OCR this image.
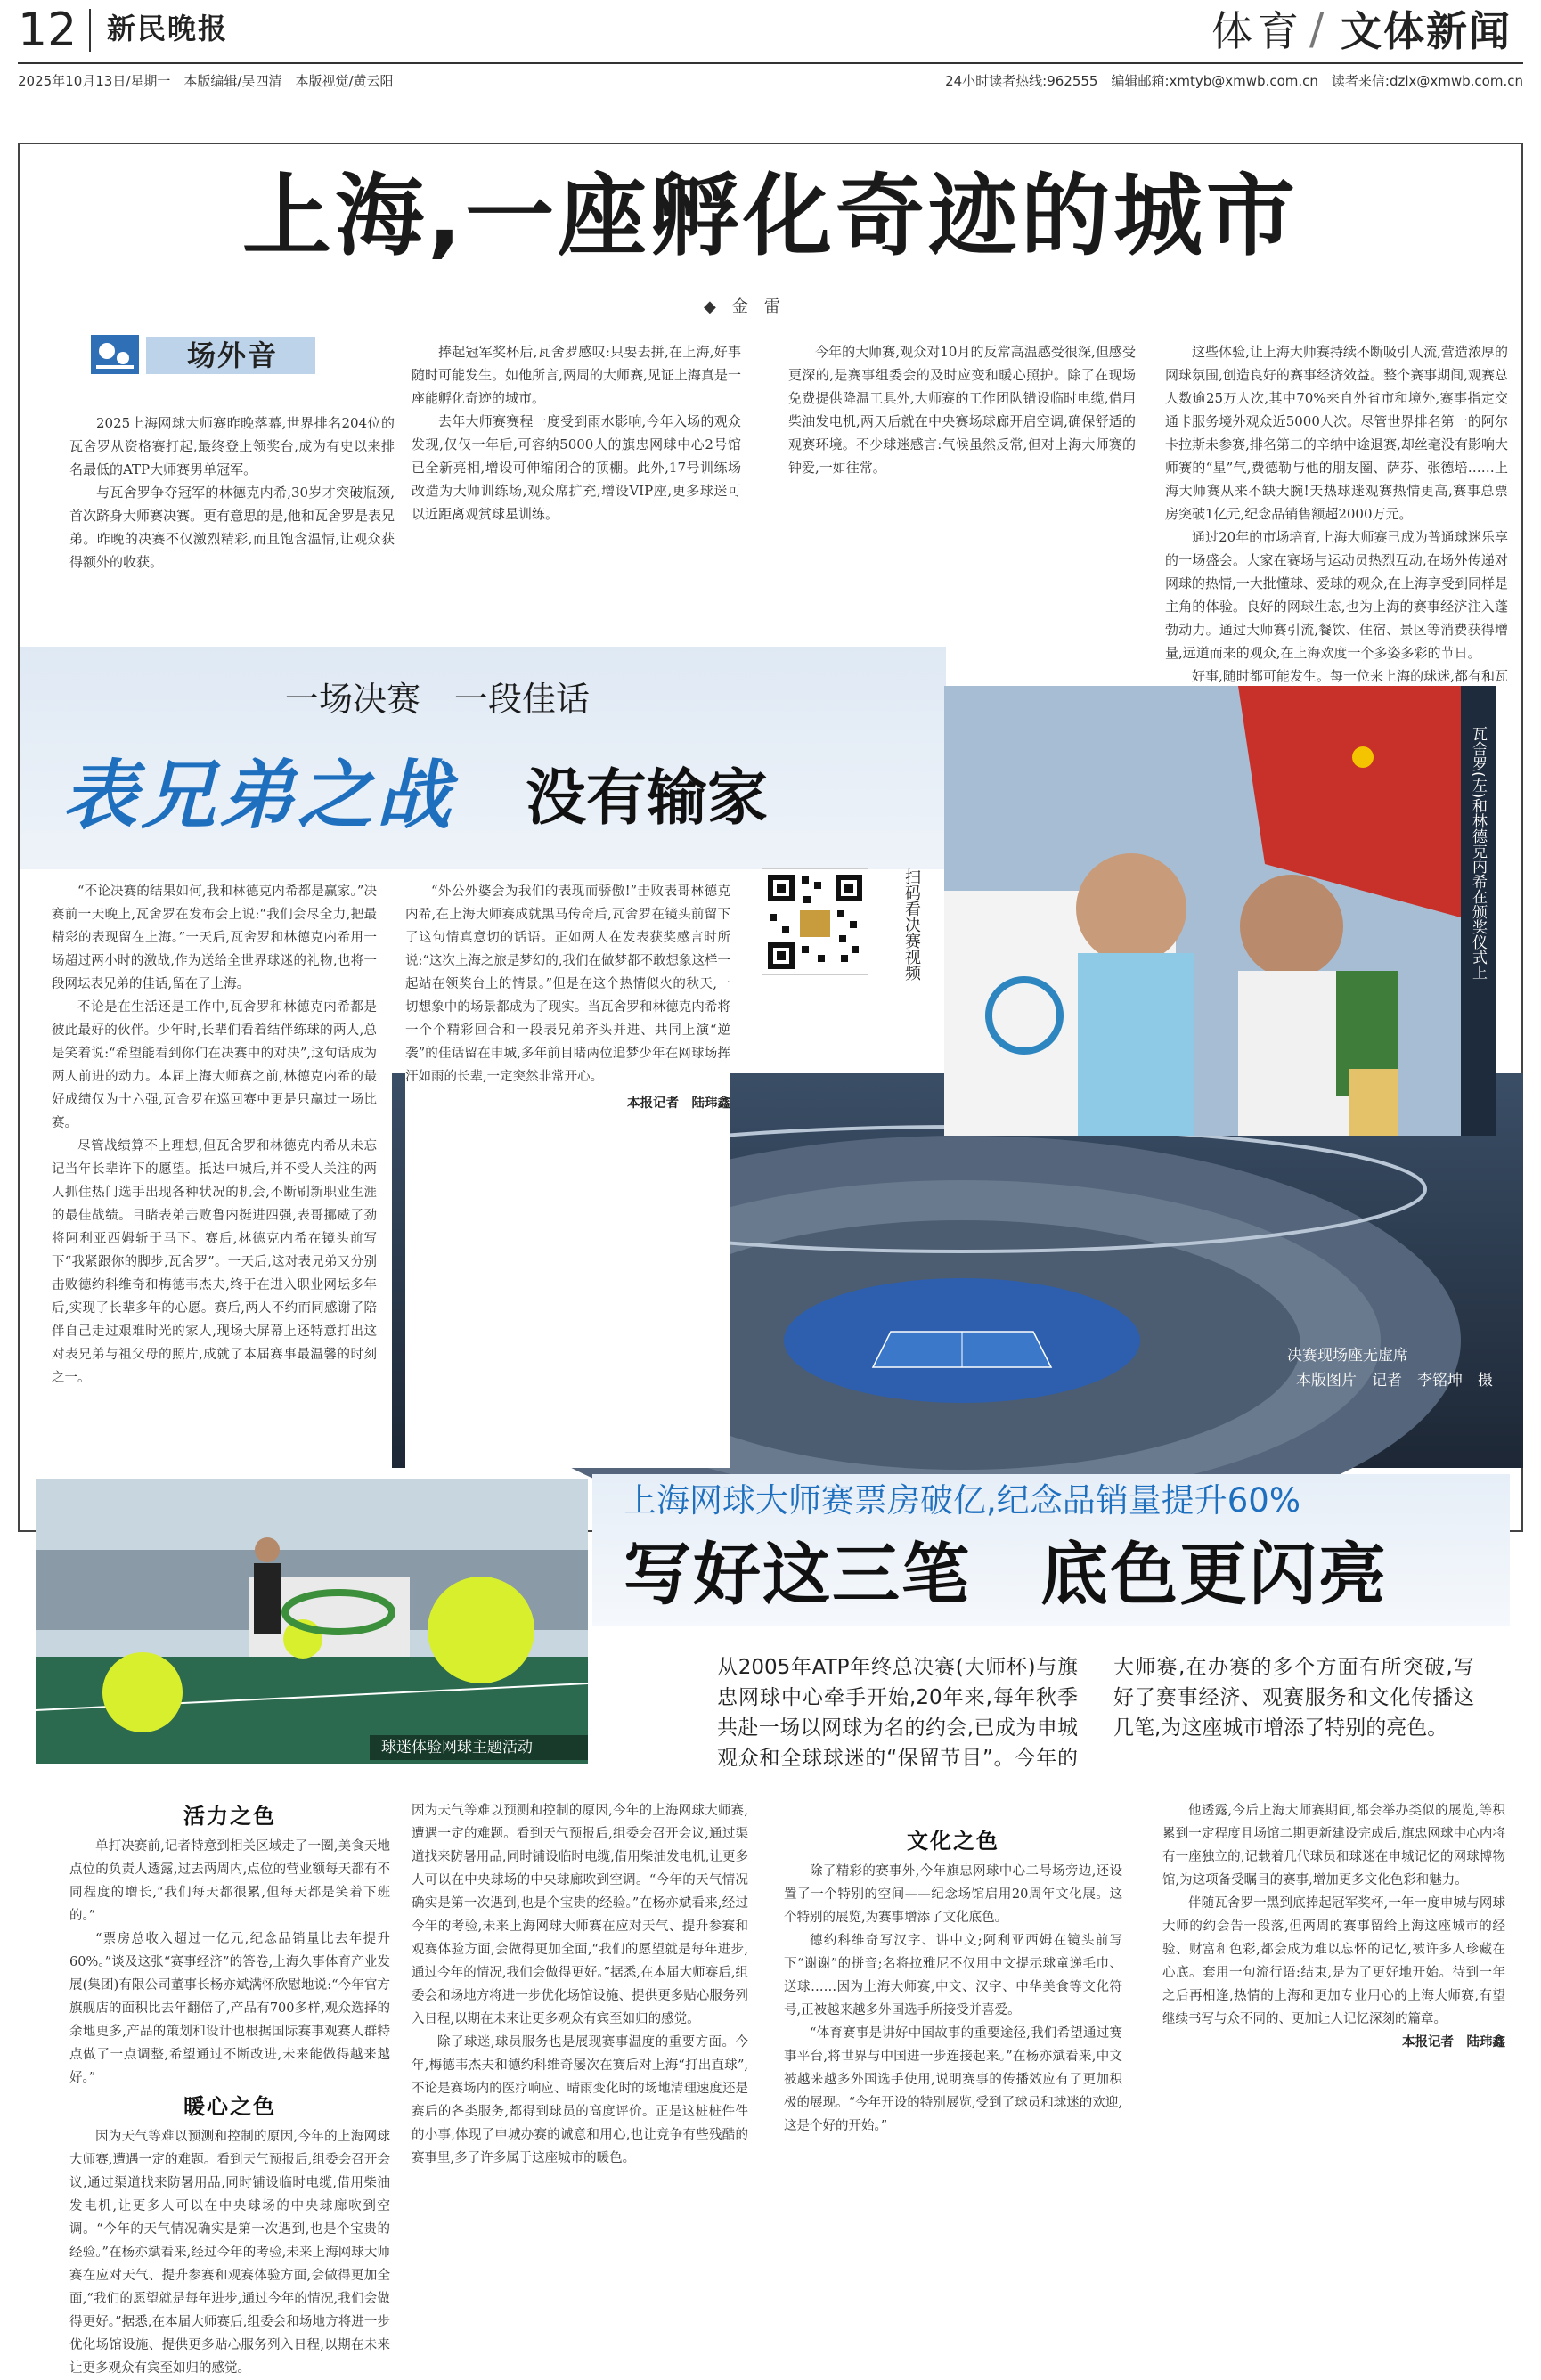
12 新民晚报	体育 / 文体新闻
2025年10月13日/星期一　本版编辑/吴四清　本版视觉/黄云阳	24小时读者热线:962555　编辑邮箱:xmtyb@xmwb.com.cn　读者来信:dzlx@xmwb.com.cn
上海,一座孵化奇迹的城市
◆　金　雷
场外音

2025上海网球大师赛昨晚落幕,世界排名204位的瓦舍罗从资格赛打起,最终登上领奖台,成为有史以来排名最低的ATP大师赛男单冠军。

与瓦舍罗争夺冠军的林德克内希,30岁才突破瓶颈,首次跻身大师赛决赛。更有意思的是,他和瓦舍罗是表兄弟。昨晚的决赛不仅激烈精彩,而且饱含温情,让观众获得额外的收获。

捧起冠军奖杯后,瓦舍罗感叹:只要去拼,在上海,好事随时可能发生。如他所言,两周的大师赛,见证上海真是一座能孵化奇迹的城市。

去年大师赛赛程一度受到雨水影响,今年入场的观众发现,仅仅一年后,可容纳5000人的旗忠网球中心2号馆已全新亮相,增设可伸缩闭合的顶棚。此外,17号训练场改造为大师训练场,观众席扩充,增设VIP座,更多球迷可以近距离观赏球星训练。

今年的大师赛,观众对10月的反常高温感受很深,但感受更深的,是赛事组委会的及时应变和暖心照护。除了在现场免费提供降温工具外,大师赛的工作团队错设临时电缆,借用柴油发电机,两天后就在中央赛场球廊开启空调,确保舒适的观赛环境。不少球迷感言:气候虽然反常,但对上海大师赛的钟爱,一如往常。

这些体验,让上海大师赛持续不断吸引人流,营造浓厚的网球氛围,创造良好的赛事经济效益。整个赛事期间,观赛总人数逾25万人次,其中70%来自外省市和境外,赛事指定交通卡服务境外观众近5000人次。尽管世界排名第一的阿尔卡拉斯未参赛,排名第二的辛纳中途退赛,却丝毫没有影响大师赛的“星”气,费德勒与他的朋友圈、萨芬、张德培……上海大师赛从来不缺大腕!天热球迷观赛热情更高,赛事总票房突破1亿元,纪念品销售额超2000万元。

通过20年的市场培育,上海大师赛已成为普通球迷乐享的一场盛会。大家在赛场与运动员热烈互动,在场外传递对网球的热情,一大批懂球、爱球的观众,在上海享受到同样是主角的体验。良好的网球生态,也为上海的赛事经济注入蓬勃动力。通过大师赛引流,餐饮、住宿、景区等消费获得增量,远道而来的观众,在上海欢度一个多姿多彩的节日。

好事,随时都可能发生。每一位来上海的球迷,都有和瓦

一场决赛　一段佳话
表兄弟之战 没有输家	瓦舍罗(左)和林德克内希在颁奖仪式上
扫码看决赛视频

“不论决赛的结果如何,我和林德克内希都是赢家。”决赛前一天晚上,瓦舍罗在发布会上说:“我们会尽全力,把最精彩的表现留在上海。”一天后,瓦舍罗和林德克内希用一场超过两小时的激战,作为送给全世界球迷的礼物,也将一段网坛表兄弟的佳话,留在了上海。

不论是在生活还是工作中,瓦舍罗和林德克内希都是彼此最好的伙伴。少年时,长辈们看着结伴练球的两人,总是笑着说:“希望能看到你们在决赛中的对决”,这句话成为两人前进的动力。本届上海大师赛之前,林德克内希的最好成绩仅为十六强,瓦舍罗在巡回赛中更是只赢过一场比赛。

尽管战绩算不上理想,但瓦舍罗和林德克内希从未忘记当年长辈许下的愿望。抵达申城后,并不受人关注的两人抓住热门选手出现各种状况的机会,不断刷新职业生涯的最佳战绩。目睹表弟击败鲁内挺进四强,表哥挪威了劲将阿利亚西姆斩于马下。赛后,林德克内希在镜头前写下“我紧跟你的脚步,瓦舍罗”。一天后,这对表兄弟又分别击败德约科维奇和梅德韦杰夫,终于在进入职业网坛多年后,实现了长辈多年的心愿。赛后,两人不约而同感谢了陪伴自己走过艰难时光的家人,现场大屏幕上还特意打出这对表兄弟与祖父母的照片,成就了本届赛事最温馨的时刻之一。

“外公外婆会为我们的表现而骄傲!”击败表哥林德克内希,在上海大师赛成就黑马传奇后,瓦舍罗在镜头前留下了这句情真意切的话语。正如两人在发表获奖感言时所说:“这次上海之旅是梦幻的,我们在做梦都不敢想象这样一起站在领奖台上的情景。”但是在这个热情似火的秋天,一切想象中的场景都成为了现实。当瓦舍罗和林德克内希将一个个精彩回合和一段表兄弟齐头并进、共同上演“逆袭”的佳话留在申城,多年前目睹两位追梦少年在网球场挥汗如雨的长辈,一定突然非常开心。

本报记者　陆玮鑫
决赛现场座无虚席
本版图片　记者　李铭坤　摄
球迷体验网球主题活动
上海网球大师赛票房破亿,纪念品销量提升60%
写好这三笔　底色更闪亮
从2005年ATP年终总决赛(大师杯)与旗忠网球中心牵手开始,20年来,每年秋季共赴一场以网球为名的约会,已成为申城观众和全球球迷的“保留节目”。今年的大师赛,在办赛的多个方面有所突破,写好了赛事经济、观赛服务和文化传播这几笔,为这座城市增添了特别的亮色。
活力之色

单打决赛前,记者特意到相关区域走了一圈,美食天地点位的负责人透露,过去两周内,点位的营业额每天都有不同程度的增长,“我们每天都很累,但每天都是笑着下班的。”

“票房总收入超过一亿元,纪念品销量比去年提升60%。”谈及这张“赛事经济”的答卷,上海久事体育产业发展(集团)有限公司董事长杨亦斌满怀欣慰地说:“今年官方旗舰店的面积比去年翻倍了,产品有700多样,观众选择的余地更多,产品的策划和设计也根据国际赛事观赛人群特点做了一点调整,希望通过不断改进,未来能做得越来越好。”

暖心之色

因为天气等难以预测和控制的原因,今年的上海网球大师赛,遭遇一定的难题。看到天气预报后,组委会召开会议,通过渠道找来防暑用品,同时铺设临时电缆,借用柴油发电机,让更多人可以在中央球场的中央球廊吹到空调。“今年的天气情况确实是第一次遇到,也是个宝贵的经验。”在杨亦斌看来,经过今年的考验,未来上海网球大师赛在应对天气、提升参赛和观赛体验方面,会做得更加全面,“我们的愿望就是每年进步,通过今年的情况,我们会做得更好。”据悉,在本届大师赛后,组委会和场地方将进一步优化场馆设施、提供更多贴心服务列入日程,以期在未来让更多观众有宾至如归的感觉。

因为天气等难以预测和控制的原因,今年的上海网球大师赛,遭遇一定的难题。看到天气预报后,组委会召开会议,通过渠道找来防暑用品,同时铺设临时电缆,借用柴油发电机,让更多人可以在中央球场的中央球廊吹到空调。“今年的天气情况确实是第一次遇到,也是个宝贵的经验。”在杨亦斌看来,经过今年的考验,未来上海网球大师赛在应对天气、提升参赛和观赛体验方面,会做得更加全面,“我们的愿望就是每年进步,通过今年的情况,我们会做得更好。”据悉,在本届大师赛后,组委会和场地方将进一步优化场馆设施、提供更多贴心服务列入日程,以期在未来让更多观众有宾至如归的感觉。

除了球迷,球员服务也是展现赛事温度的重要方面。今年,梅德韦杰夫和德约科维奇屡次在赛后对上海“打出直球”,不论是赛场内的医疗响应、晴雨变化时的场地清理速度还是赛后的各类服务,都得到球员的高度评价。正是这桩桩件件的小事,体现了申城办赛的诚意和用心,也让竞争有些残酷的赛事里,多了许多属于这座城市的暖色。

文化之色

除了精彩的赛事外,今年旗忠网球中心二号场旁边,还设置了一个特别的空间——纪念场馆启用20周年文化展。这个特别的展览,为赛事增添了文化底色。

德约科维奇写汉字、讲中文;阿利亚西姆在镜头前写下“谢谢”的拼音;名将拉雅尼不仅用中文提示球童递毛巾、送球……因为上海大师赛,中文、汉字、中华美食等文化符号,正被越来越多外国选手所接受并喜爱。

“体育赛事是讲好中国故事的重要途径,我们希望通过赛事平台,将世界与中国进一步连接起来。”在杨亦斌看来,中文被越来越多外国选手使用,说明赛事的传播效应有了更加积极的展现。“今年开设的特别展览,受到了球员和球迷的欢迎,这是个好的开始。”

他透露,今后上海大师赛期间,都会举办类似的展览,等积累到一定程度且场馆二期更新建设完成后,旗忠网球中心内将有一座独立的,记载着几代球员和球迷在申城记忆的网球博物馆,为这项备受瞩目的赛事,增加更多文化色彩和魅力。

伴随瓦舍罗一黑到底捧起冠军奖杯,一年一度申城与网球大师的约会告一段落,但两周的赛事留给上海这座城市的经验、财富和色彩,都会成为难以忘怀的记忆,被许多人珍藏在心底。套用一句流行语:结束,是为了更好地开始。待到一年之后再相逢,热情的上海和更加专业用心的上海大师赛,有望继续书写与众不同的、更加让人记忆深刻的篇章。

本报记者　陆玮鑫
